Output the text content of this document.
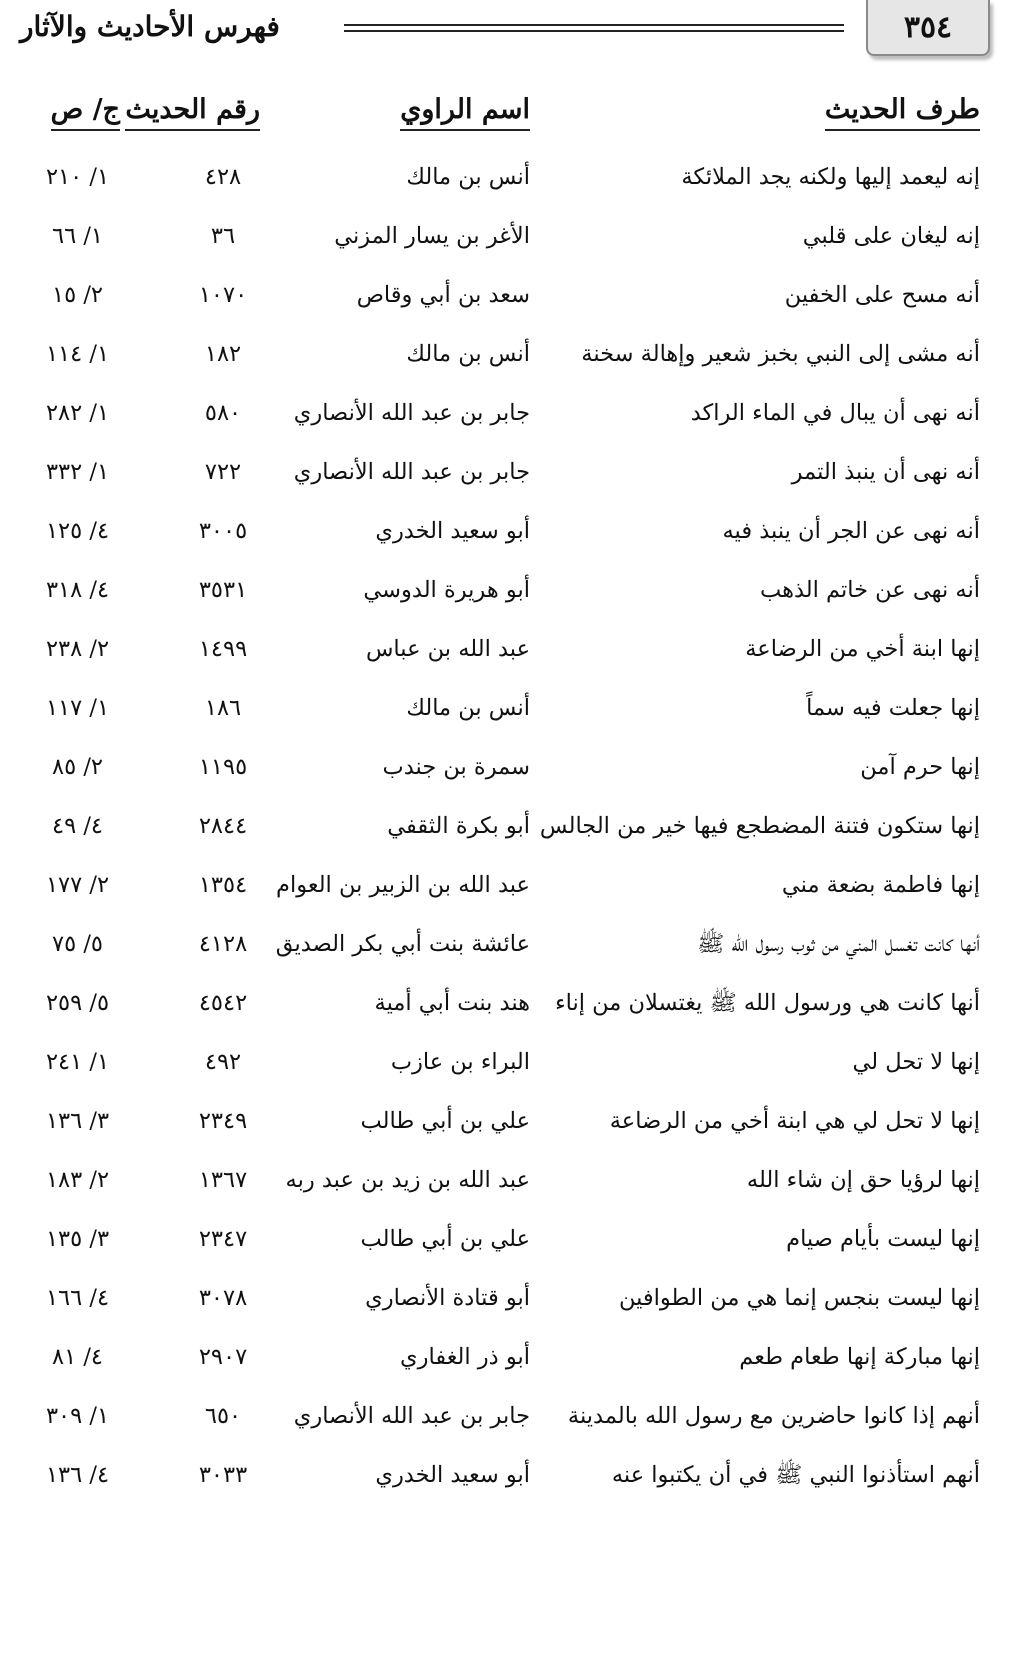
٣٥٤
فهرس الأحاديث والآثار
طرف الحديث
اسم الراوي
رقم الحديث
ج/ ص
إنه ليعمد إليها ولكنه يجد الملائكة
أنس بن مالك
٤٢٨
١/ ٢١٠
إنه ليغان على قلبي
الأغر بن يسار المزني
٣٦
١/ ٦٦
أنه مسح على الخفين
سعد بن أبي وقاص
١٠٧٠
٢/ ١٥
أنه مشى إلى النبي بخبز شعير وإهالة سخنة
أنس بن مالك
١٨٢
١/ ١١٤
أنه نهى أن يبال في الماء الراكد
جابر بن عبد الله الأنصاري
٥٨٠
١/ ٢٨٢
أنه نهى أن ينبذ التمر
جابر بن عبد الله الأنصاري
٧٢٢
١/ ٣٣٢
أنه نهى عن الجر أن ينبذ فيه
أبو سعيد الخدري
٣٠٠٥
٤/ ١٢٥
أنه نهى عن خاتم الذهب
أبو هريرة الدوسي
٣٥٣١
٤/ ٣١٨
إنها ابنة أخي من الرضاعة
عبد الله بن عباس
١٤٩٩
٢/ ٢٣٨
إنها جعلت فيه سماً
أنس بن مالك
١٨٦
١/ ١١٧
إنها حرم آمن
سمرة بن جندب
١١٩٥
٢/ ٨٥
إنها ستكون فتنة المضطجع فيها خير من الجالس
أبو بكرة الثقفي
٢٨٤٤
٤/ ٤٩
إنها فاطمة بضعة مني
عبد الله بن الزبير بن العوام
١٣٥٤
٢/ ١٧٧
أنها كانت تغسل المني من ثوب رسول الله ﷺ
عائشة بنت أبي بكر الصديق
٤١٢٨
٥/ ٧٥
أنها كانت هي ورسول الله ﷺ يغتسلان من إناء
هند بنت أبي أمية
٤٥٤٢
٥/ ٢٥٩
إنها لا تحل لي
البراء بن عازب
٤٩٢
١/ ٢٤١
إنها لا تحل لي هي ابنة أخي من الرضاعة
علي بن أبي طالب
٢٣٤٩
٣/ ١٣٦
إنها لرؤيا حق إن شاء الله
عبد الله بن زيد بن عبد ربه
١٣٦٧
٢/ ١٨٣
إنها ليست بأيام صيام
علي بن أبي طالب
٢٣٤٧
٣/ ١٣٥
إنها ليست بنجس إنما هي من الطوافين
أبو قتادة الأنصاري
٣٠٧٨
٤/ ١٦٦
إنها مباركة إنها طعام طعم
أبو ذر الغفاري
٢٩٠٧
٤/ ٨١
أنهم إذا كانوا حاضرين مع رسول الله بالمدينة
جابر بن عبد الله الأنصاري
٦٥٠
١/ ٣٠٩
أنهم استأذنوا النبي ﷺ في أن يكتبوا عنه
أبو سعيد الخدري
٣٠٣٣
٤/ ١٣٦
